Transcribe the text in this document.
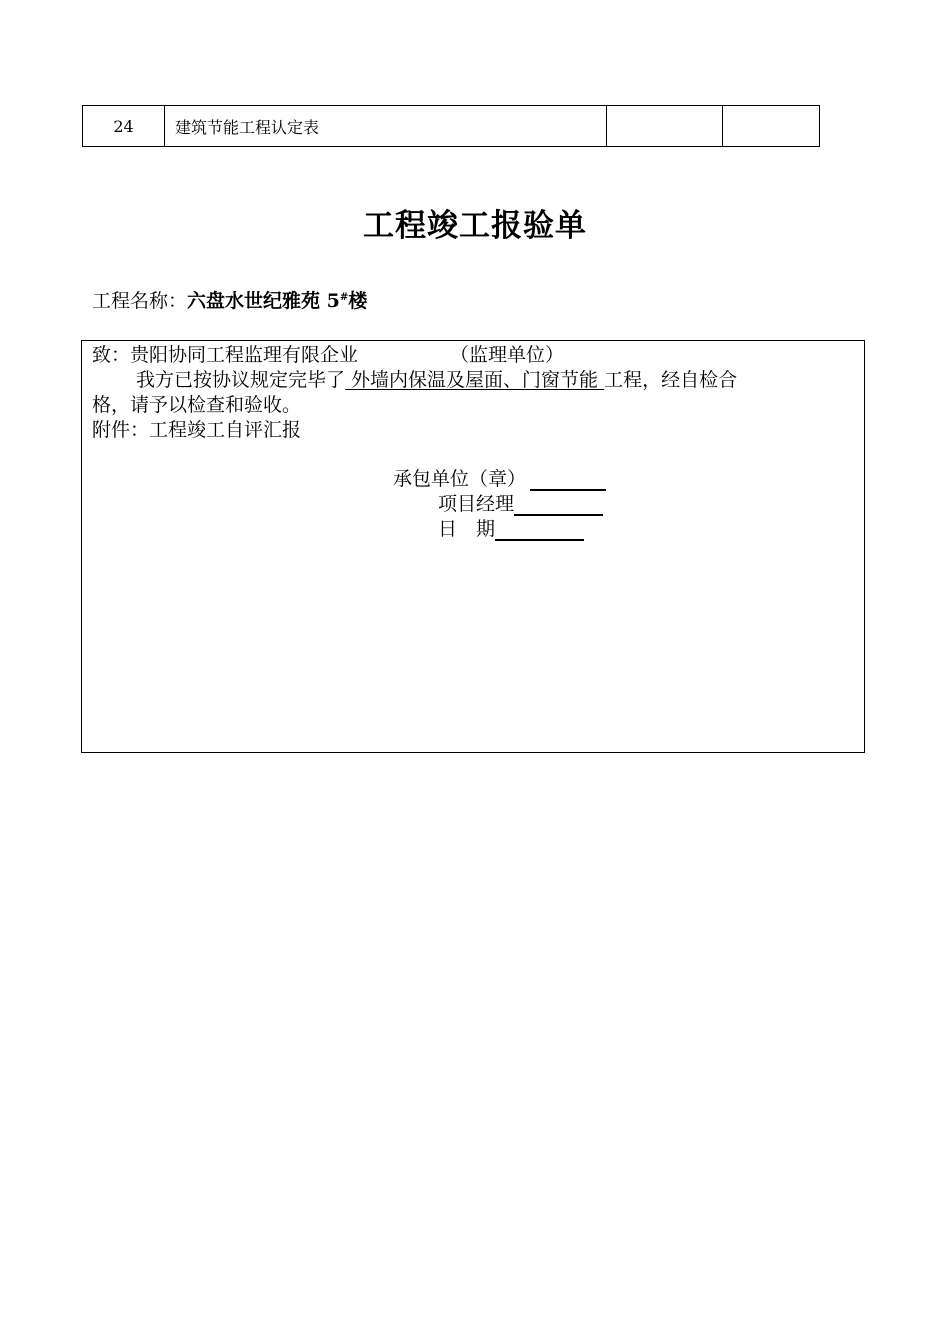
24	建筑节能工程认定表		
工程竣工报验单
工程名称：六盘水世纪雅苑 5#楼
致：贵阳协同工程监理有限企业	（监理单位）
我方已按协议规定完毕了 外墙内保温及屋面、门窗节能 工程，经自检合
格，请予以检查和验收。
附件：工程竣工自评汇报
承包单位（章）
项目经理
日　期
